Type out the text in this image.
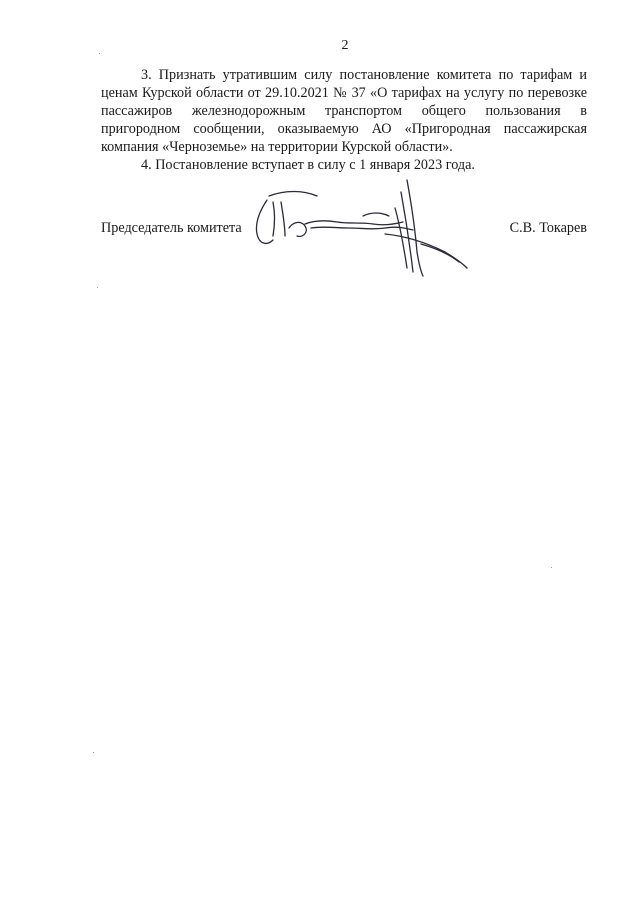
2

3. Признать утратившим силу постановление комитета по тарифам и ценам Курской области от 29.10.2021 № 37 «О тарифах на услугу по перевозке пассажиров железнодорожным транспортом общего пользования в пригородном сообщении, оказываемую АО «Пригородная пассажирская компания «Черноземье» на территории Курской области».

4. Постановление вступает в силу с 1 января 2023 года.

Председатель комитета	С.В. Токарев
